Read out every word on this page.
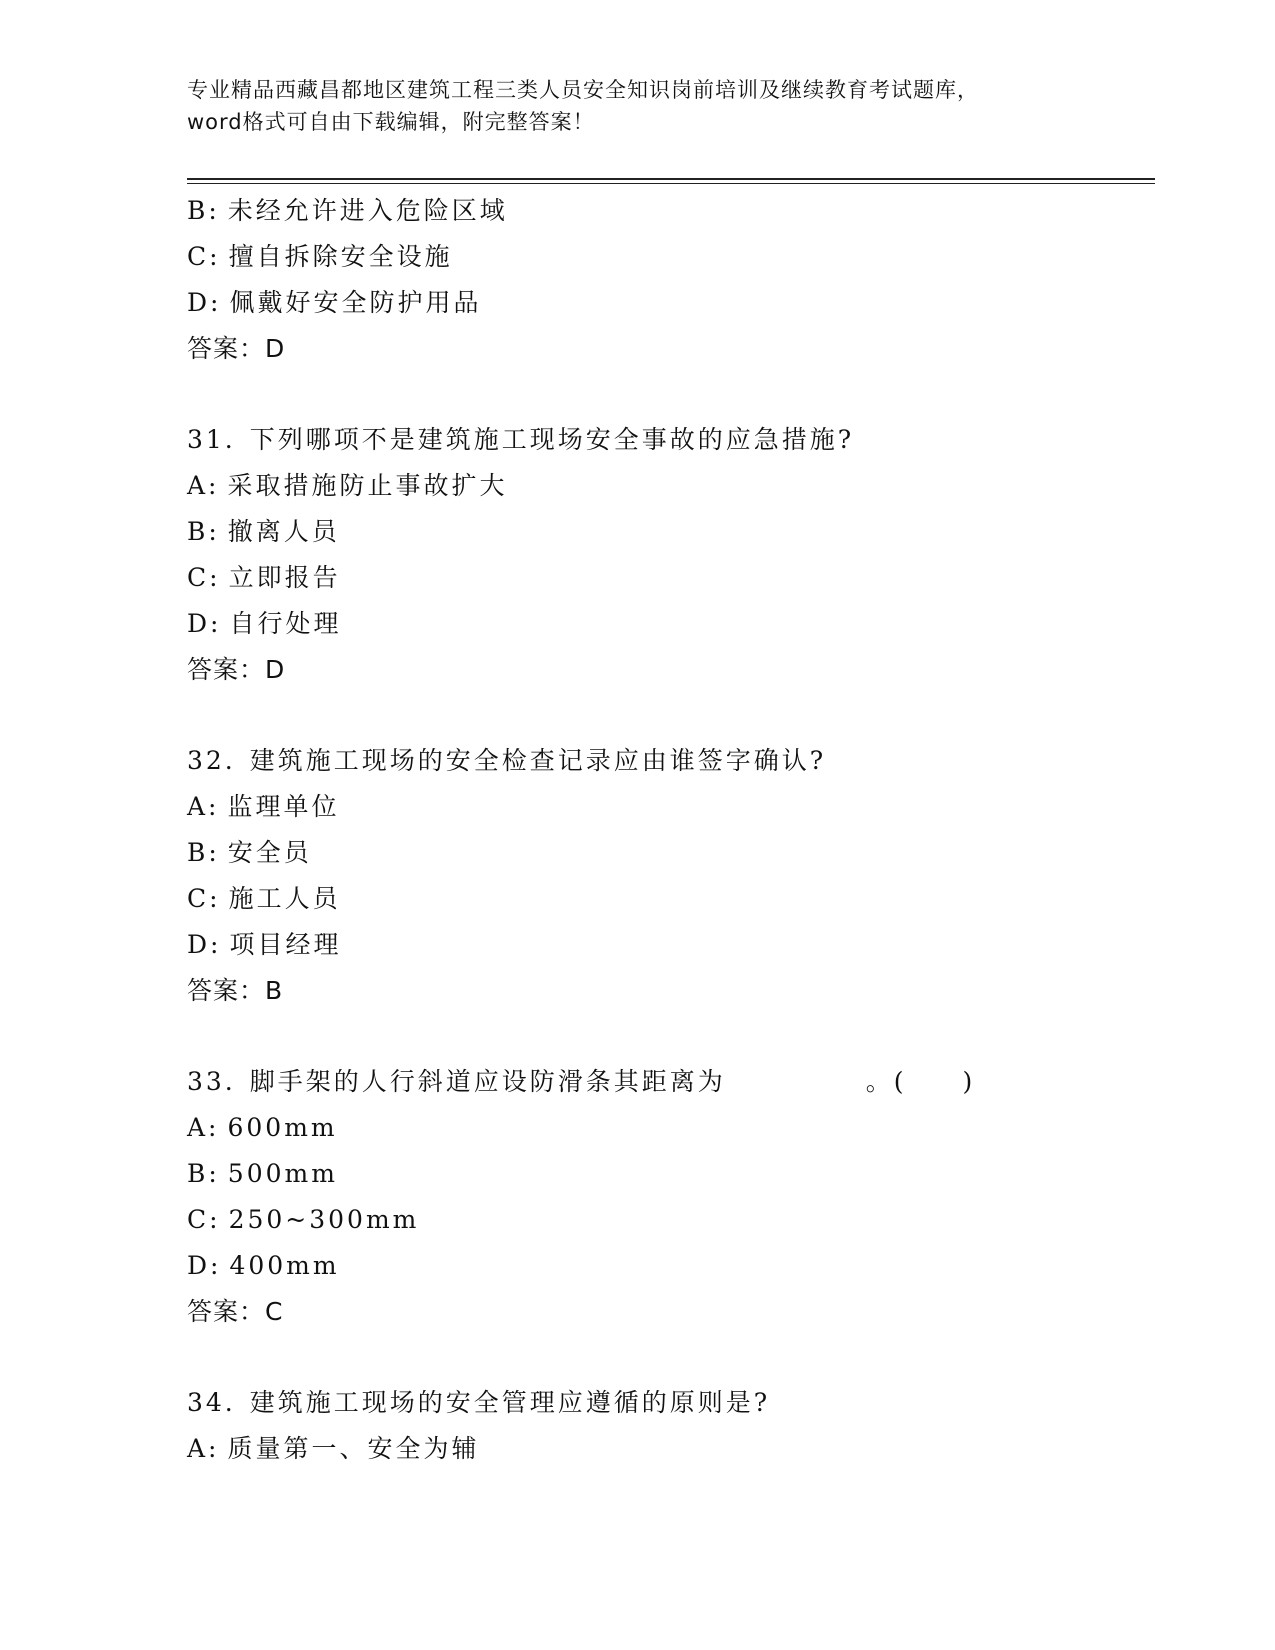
专业精品西藏昌都地区建筑工程三类人员安全知识岗前培训及继续教育考试题库，
word格式可自由下载编辑，附完整答案！
B: 未经允许进入危险区域
C: 擅自拆除安全设施
D: 佩戴好安全防护用品
答案：D
31. 下列哪项不是建筑施工现场安全事故的应急措施?
A: 采取措施防止事故扩大
B: 撤离人员
C: 立即报告
D: 自行处理
答案：D
32. 建筑施工现场的安全检查记录应由谁签字确认?
A: 监理单位
B: 安全员
C: 施工人员
D: 项目经理
答案：B
33. 脚手架的人行斜道应设防滑条其距离为　　　　　。(　　)
A: 600mm
B: 500mm
C: 250~300mm
D: 400mm
答案：C
34. 建筑施工现场的安全管理应遵循的原则是?
A: 质量第一、安全为辅
